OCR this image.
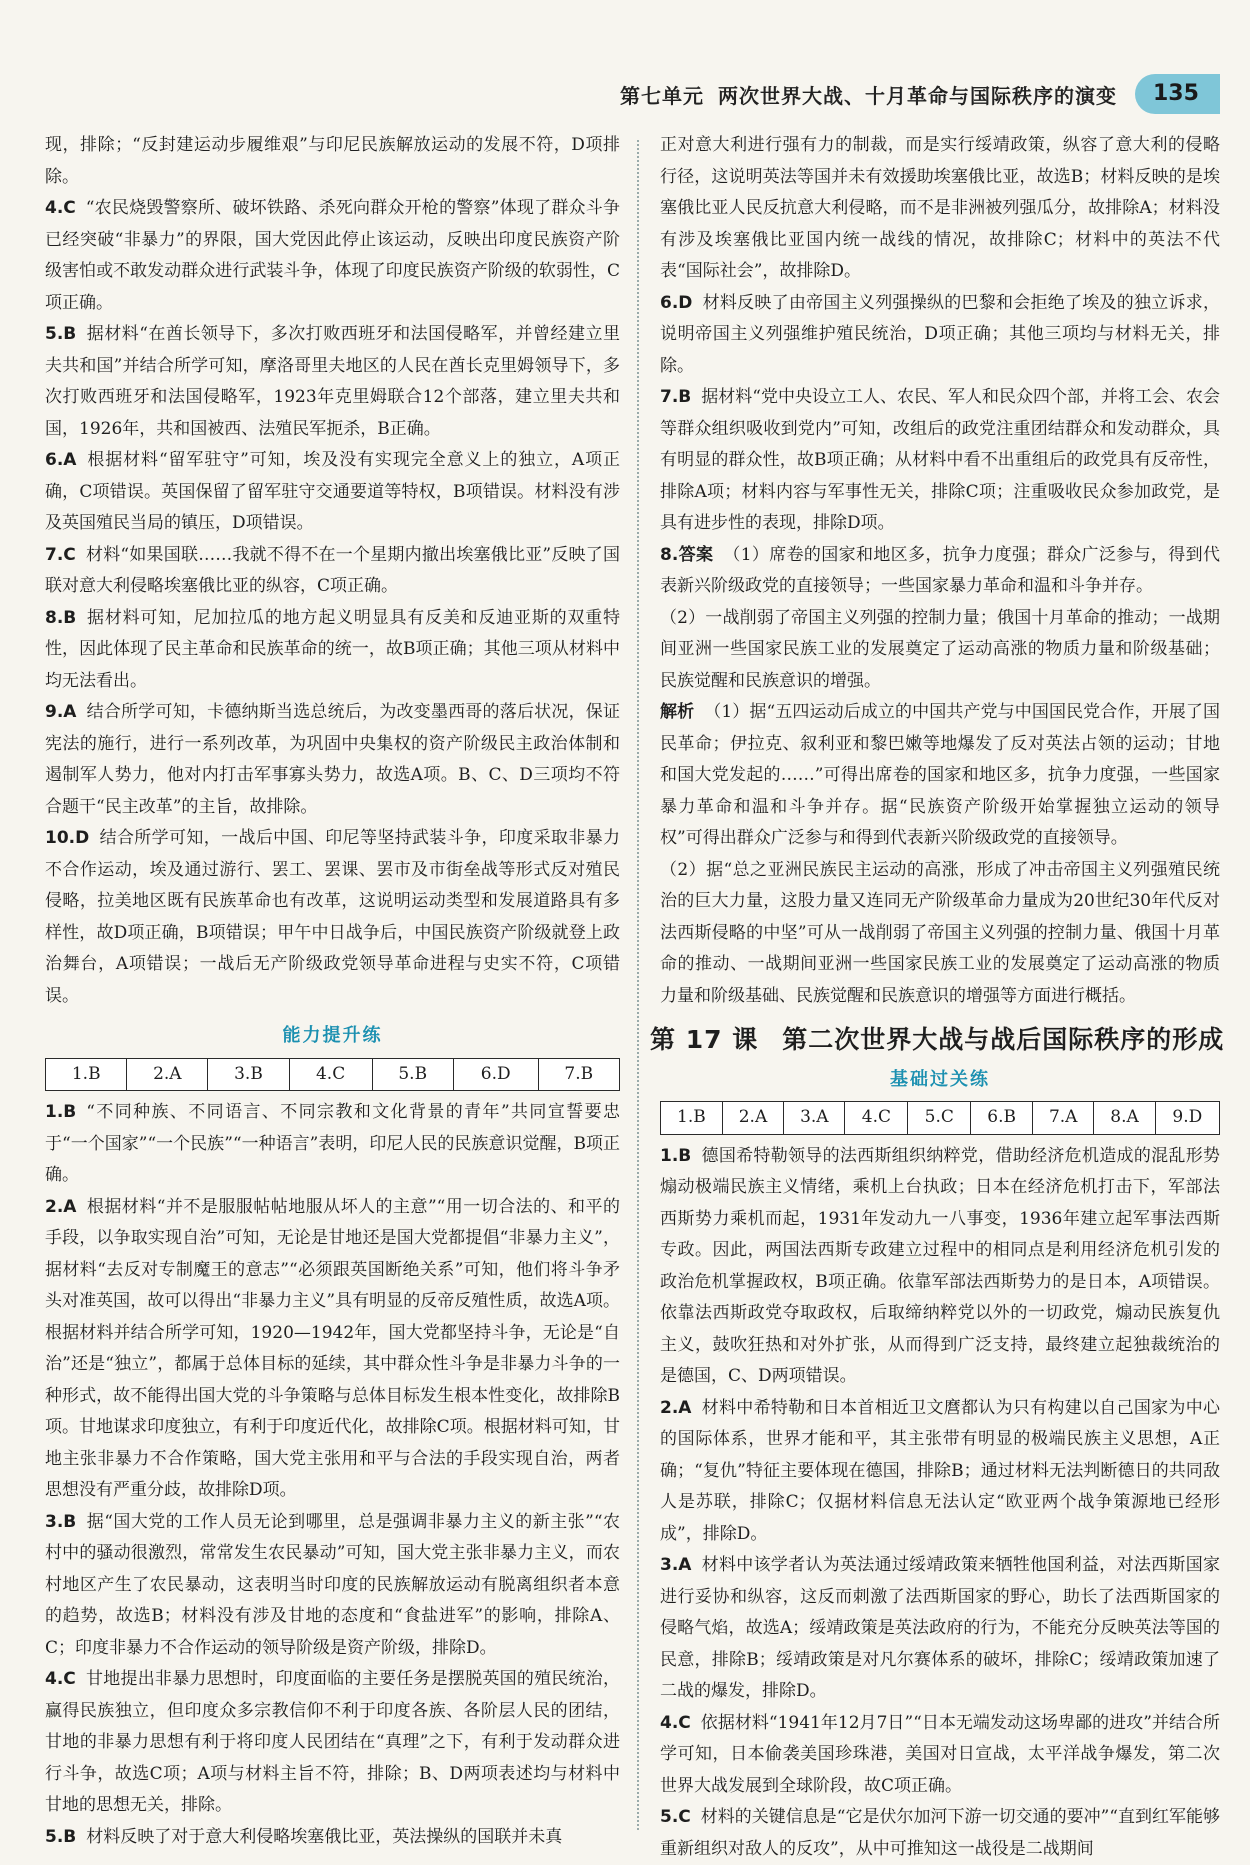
第七单元 两次世界大战、十月革命与国际秩序的演变	135
现，排除；“反封建运动步履维艰”与印尼民族解放运动的发展不符，D项排除。
4.C “农民烧毁警察所、破坏铁路、杀死向群众开枪的警察”体现了群众斗争已经突破“非暴力”的界限，国大党因此停止该运动，反映出印度民族资产阶级害怕或不敢发动群众进行武装斗争，体现了印度民族资产阶级的软弱性，C项正确。
5.B 据材料“在酋长领导下，多次打败西班牙和法国侵略军，并曾经建立里夫共和国”并结合所学可知，摩洛哥里夫地区的人民在酋长克里姆领导下，多次打败西班牙和法国侵略军，1923年克里姆联合12个部落，建立里夫共和国，1926年，共和国被西、法殖民军扼杀，B正确。
6.A 根据材料“留军驻守”可知，埃及没有实现完全意义上的独立，A项正确，C项错误。英国保留了留军驻守交通要道等特权，B项错误。材料没有涉及英国殖民当局的镇压，D项错误。
7.C 材料“如果国联……我就不得不在一个星期内撤出埃塞俄比亚”反映了国联对意大利侵略埃塞俄比亚的纵容，C项正确。
8.B 据材料可知，尼加拉瓜的地方起义明显具有反美和反迪亚斯的双重特性，因此体现了民主革命和民族革命的统一，故B项正确；其他三项从材料中均无法看出。
9.A 结合所学可知，卡德纳斯当选总统后，为改变墨西哥的落后状况，保证宪法的施行，进行一系列改革，为巩固中央集权的资产阶级民主政治体制和遏制军人势力，他对内打击军事寡头势力，故选A项。B、C、D三项均不符合题干“民主改革”的主旨，故排除。
10.D 结合所学可知，一战后中国、印尼等坚持武装斗争，印度采取非暴力不合作运动，埃及通过游行、罢工、罢课、罢市及市街垒战等形式反对殖民侵略，拉美地区既有民族革命也有改革，这说明运动类型和发展道路具有多样性，故D项正确，B项错误；甲午中日战争后，中国民族资产阶级就登上政治舞台，A项错误；一战后无产阶级政党领导革命进程与史实不符，C项错误。
能力提升练
1.B	2.A	3.B	4.C	5.B	6.D	7.B
1.B “不同种族、不同语言、不同宗教和文化背景的青年”共同宣誓要忠于“一个国家”“一个民族”“一种语言”表明，印尼人民的民族意识觉醒，B项正确。
2.A 根据材料“并不是服服帖帖地服从坏人的主意”“用一切合法的、和平的手段，以争取实现自治”可知，无论是甘地还是国大党都提倡“非暴力主义”，据材料“去反对专制魔王的意志”“必须跟英国断绝关系”可知，他们将斗争矛头对准英国，故可以得出“非暴力主义”具有明显的反帝反殖性质，故选A项。根据材料并结合所学可知，1920—1942年，国大党都坚持斗争，无论是“自治”还是“独立”，都属于总体目标的延续，其中群众性斗争是非暴力斗争的一种形式，故不能得出国大党的斗争策略与总体目标发生根本性变化，故排除B项。甘地谋求印度独立，有利于印度近代化，故排除C项。根据材料可知，甘地主张非暴力不合作策略，国大党主张用和平与合法的手段实现自治，两者思想没有严重分歧，故排除D项。
3.B 据“国大党的工作人员无论到哪里，总是强调非暴力主义的新主张”“农村中的骚动很激烈，常常发生农民暴动”可知，国大党主张非暴力主义，而农村地区产生了农民暴动，这表明当时印度的民族解放运动有脱离组织者本意的趋势，故选B；材料没有涉及甘地的态度和“食盐进军”的影响，排除A、C；印度非暴力不合作运动的领导阶级是资产阶级，排除D。
4.C 甘地提出非暴力思想时，印度面临的主要任务是摆脱英国的殖民统治，赢得民族独立，但印度众多宗教信仰不利于印度各族、各阶层人民的团结，甘地的非暴力思想有利于将印度人民团结在“真理”之下，有利于发动群众进行斗争，故选C项；A项与材料主旨不符，排除；B、D两项表述均与材料中甘地的思想无关，排除。
5.B 材料反映了对于意大利侵略埃塞俄比亚，英法操纵的国联并未真
正对意大利进行强有力的制裁，而是实行绥靖政策，纵容了意大利的侵略行径，这说明英法等国并未有效援助埃塞俄比亚，故选B；材料反映的是埃塞俄比亚人民反抗意大利侵略，而不是非洲被列强瓜分，故排除A；材料没有涉及埃塞俄比亚国内统一战线的情况，故排除C；材料中的英法不代表“国际社会”，故排除D。
6.D 材料反映了由帝国主义列强操纵的巴黎和会拒绝了埃及的独立诉求，说明帝国主义列强维护殖民统治，D项正确；其他三项均与材料无关，排除。
7.B 据材料“党中央设立工人、农民、军人和民众四个部，并将工会、农会等群众组织吸收到党内”可知，改组后的政党注重团结群众和发动群众，具有明显的群众性，故B项正确；从材料中看不出重组后的政党具有反帝性，排除A项；材料内容与军事性无关，排除C项；注重吸收民众参加政党，是具有进步性的表现，排除D项。
8.答案 （1）席卷的国家和地区多，抗争力度强；群众广泛参与，得到代表新兴阶级政党的直接领导；一些国家暴力革命和温和斗争并存。
（2）一战削弱了帝国主义列强的控制力量；俄国十月革命的推动；一战期间亚洲一些国家民族工业的发展奠定了运动高涨的物质力量和阶级基础；民族觉醒和民族意识的增强。
解析 （1）据“五四运动后成立的中国共产党与中国国民党合作，开展了国民革命；伊拉克、叙利亚和黎巴嫩等地爆发了反对英法占领的运动；甘地和国大党发起的……”可得出席卷的国家和地区多，抗争力度强，一些国家暴力革命和温和斗争并存。据“民族资产阶级开始掌握独立运动的领导权”可得出群众广泛参与和得到代表新兴阶级政党的直接领导。
（2）据“总之亚洲民族民主运动的高涨，形成了冲击帝国主义列强殖民统治的巨大力量，这股力量又连同无产阶级革命力量成为20世纪30年代反对法西斯侵略的中坚”可从一战削弱了帝国主义列强的控制力量、俄国十月革命的推动、一战期间亚洲一些国家民族工业的发展奠定了运动高涨的物质力量和阶级基础、民族觉醒和民族意识的增强等方面进行概括。
第 17 课 第二次世界大战与战后国际秩序的形成
基础过关练
1.B	2.A	3.A	4.C	5.C	6.B	7.A	8.A	9.D
1.B 德国希特勒领导的法西斯组织纳粹党，借助经济危机造成的混乱形势煽动极端民族主义情绪，乘机上台执政；日本在经济危机打击下，军部法西斯势力乘机而起，1931年发动九一八事变，1936年建立起军事法西斯专政。因此，两国法西斯专政建立过程中的相同点是利用经济危机引发的政治危机掌握政权，B项正确。依靠军部法西斯势力的是日本，A项错误。依靠法西斯政党夺取政权，后取缔纳粹党以外的一切政党，煽动民族复仇主义，鼓吹狂热和对外扩张，从而得到广泛支持，最终建立起独裁统治的是德国，C、D两项错误。
2.A 材料中希特勒和日本首相近卫文麿都认为只有构建以自己国家为中心的国际体系，世界才能和平，其主张带有明显的极端民族主义思想，A正确；“复仇”特征主要体现在德国，排除B；通过材料无法判断德日的共同敌人是苏联，排除C；仅据材料信息无法认定“欧亚两个战争策源地已经形成”，排除D。
3.A 材料中该学者认为英法通过绥靖政策来牺牲他国利益，对法西斯国家进行妥协和纵容，这反而刺激了法西斯国家的野心，助长了法西斯国家的侵略气焰，故选A；绥靖政策是英法政府的行为，不能充分反映英法等国的民意，排除B；绥靖政策是对凡尔赛体系的破坏，排除C；绥靖政策加速了二战的爆发，排除D。
4.C 依据材料“1941年12月7日”“日本无端发动这场卑鄙的进攻”并结合所学可知，日本偷袭美国珍珠港，美国对日宣战，太平洋战争爆发，第二次世界大战发展到全球阶段，故C项正确。
5.C 材料的关键信息是“它是伏尔加河下游一切交通的要冲”“直到红军能够重新组织对敌人的反攻”，从中可推知这一战役是二战期间
